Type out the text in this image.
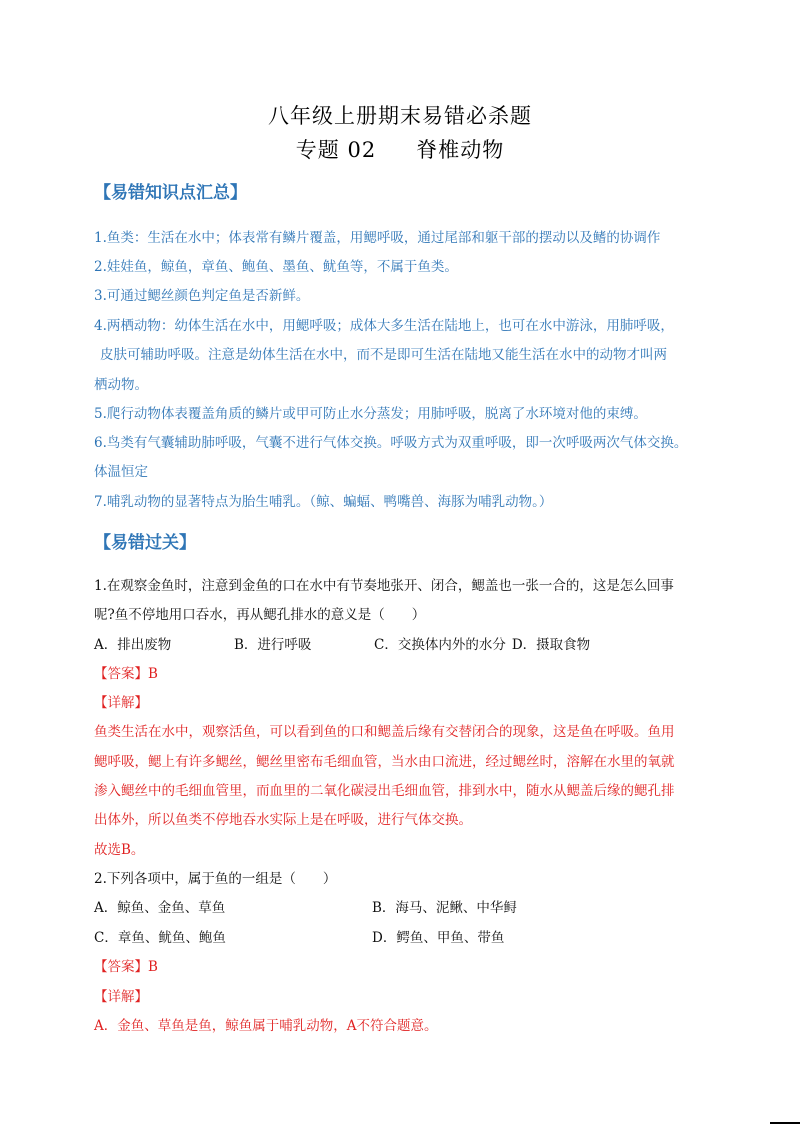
八年级上册期末易错必杀题
专题 02 脊椎动物
【易错知识点汇总】
1.鱼类：生活在水中；体表常有鳞片覆盖，用鳃呼吸，通过尾部和躯干部的摆动以及鳍的协调作
2.娃娃鱼，鲸鱼，章鱼、鲍鱼、墨鱼、鱿鱼等，不属于鱼类。
3.可通过鳃丝颜色判定鱼是否新鲜。
4.两栖动物：幼体生活在水中，用鳃呼吸；成体大多生活在陆地上，也可在水中游泳，用肺呼吸，
皮肤可辅助呼吸。注意是幼体生活在水中，而不是即可生活在陆地又能生活在水中的动物才叫两
栖动物。
5.爬行动物体表覆盖角质的鳞片或甲可防止水分蒸发；用肺呼吸，脱离了水环境对他的束缚。
6.鸟类有气囊辅助肺呼吸，气囊不进行气体交换。呼吸方式为双重呼吸，即一次呼吸两次气体交换。
体温恒定
7.哺乳动物的显著特点为胎生哺乳。（鲸、蝙蝠、鸭嘴兽、海豚为哺乳动物。）
【易错过关】
1.在观察金鱼时，注意到金鱼的口在水中有节奏地张开、闭合，鳃盖也一张一合的，这是怎么回事
呢?鱼不停地用口吞水，再从鳃孔排水的意义是（　　）
A．排出废物	B．进行呼吸	C．交换体内外的水分 D．摄取食物
【答案】B
【详解】
鱼类生活在水中，观察活鱼，可以看到鱼的口和鳃盖后缘有交替闭合的现象，这是鱼在呼吸。鱼用
鳃呼吸，鳃上有许多鳃丝，鳃丝里密布毛细血管，当水由口流进，经过鳃丝时，溶解在水里的氧就
渗入鳃丝中的毛细血管里，而血里的二氧化碳浸出毛细血管，排到水中，随水从鳃盖后缘的鳃孔排
出体外，所以鱼类不停地吞水实际上是在呼吸，进行气体交换。
故选B。
2.下列各项中，属于鱼的一组是（　　）
A．鲸鱼、金鱼、草鱼	B．海马、泥鳅、中华鲟
C．章鱼、鱿鱼、鲍鱼	D．鳄鱼、甲鱼、带鱼
【答案】B
【详解】
A．金鱼、草鱼是鱼，鲸鱼属于哺乳动物，A不符合题意。
